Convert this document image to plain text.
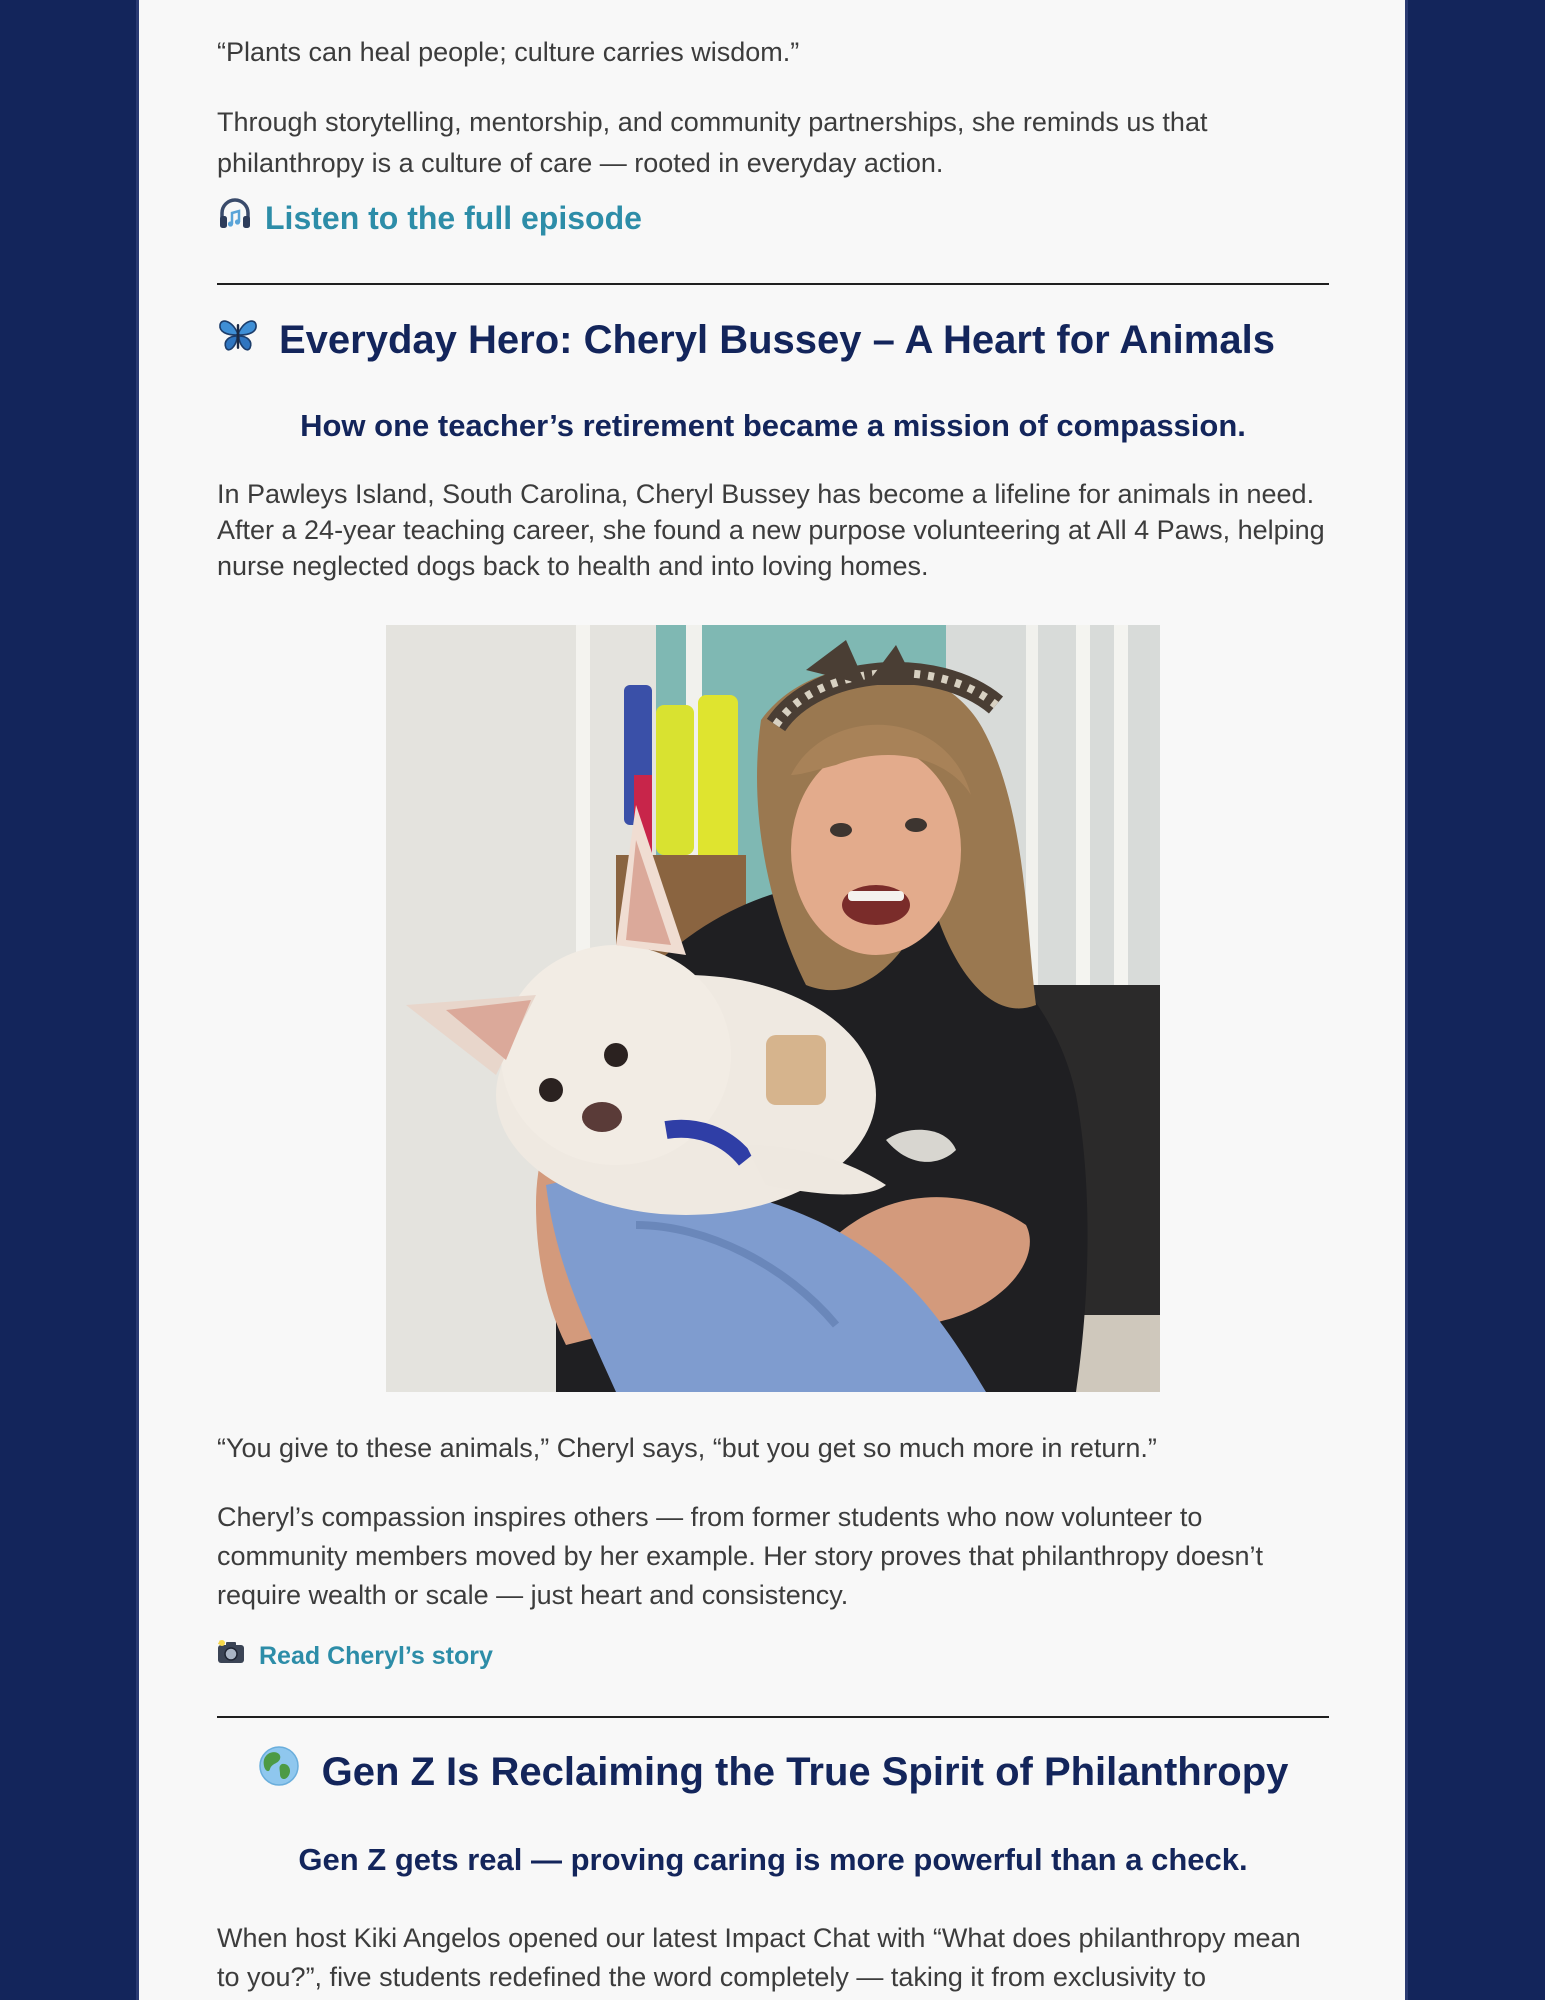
“Plants can heal people; culture carries wisdom.”

Through storytelling, mentorship, and community partnerships, she reminds us that philanthropy is a culture of care — rooted in everyday action.

Listen to the full episode
Everyday Hero: Cheryl Bussey – A Heart for Animals

How one teacher’s retirement became a mission of compassion.

In Pawleys Island, South Carolina, Cheryl Bussey has become a lifeline for animals in need. After a 24-year teaching career, she found a new purpose volunteering at All 4 Paws, helping nurse neglected dogs back to health and into loving homes.

“You give to these animals,” Cheryl says, “but you get so much more in return.”

Cheryl’s compassion inspires others — from former students who now volunteer to community members moved by her example. Her story proves that philanthropy doesn’t require wealth or scale — just heart and consistency.

Read Cheryl’s story
Gen Z Is Reclaiming the True Spirit of Philanthropy

Gen Z gets real — proving caring is more powerful than a check.

When host Kiki Angelos opened our latest Impact Chat with “What does philanthropy mean to you?”, five students redefined the word completely — taking it from exclusivity to
